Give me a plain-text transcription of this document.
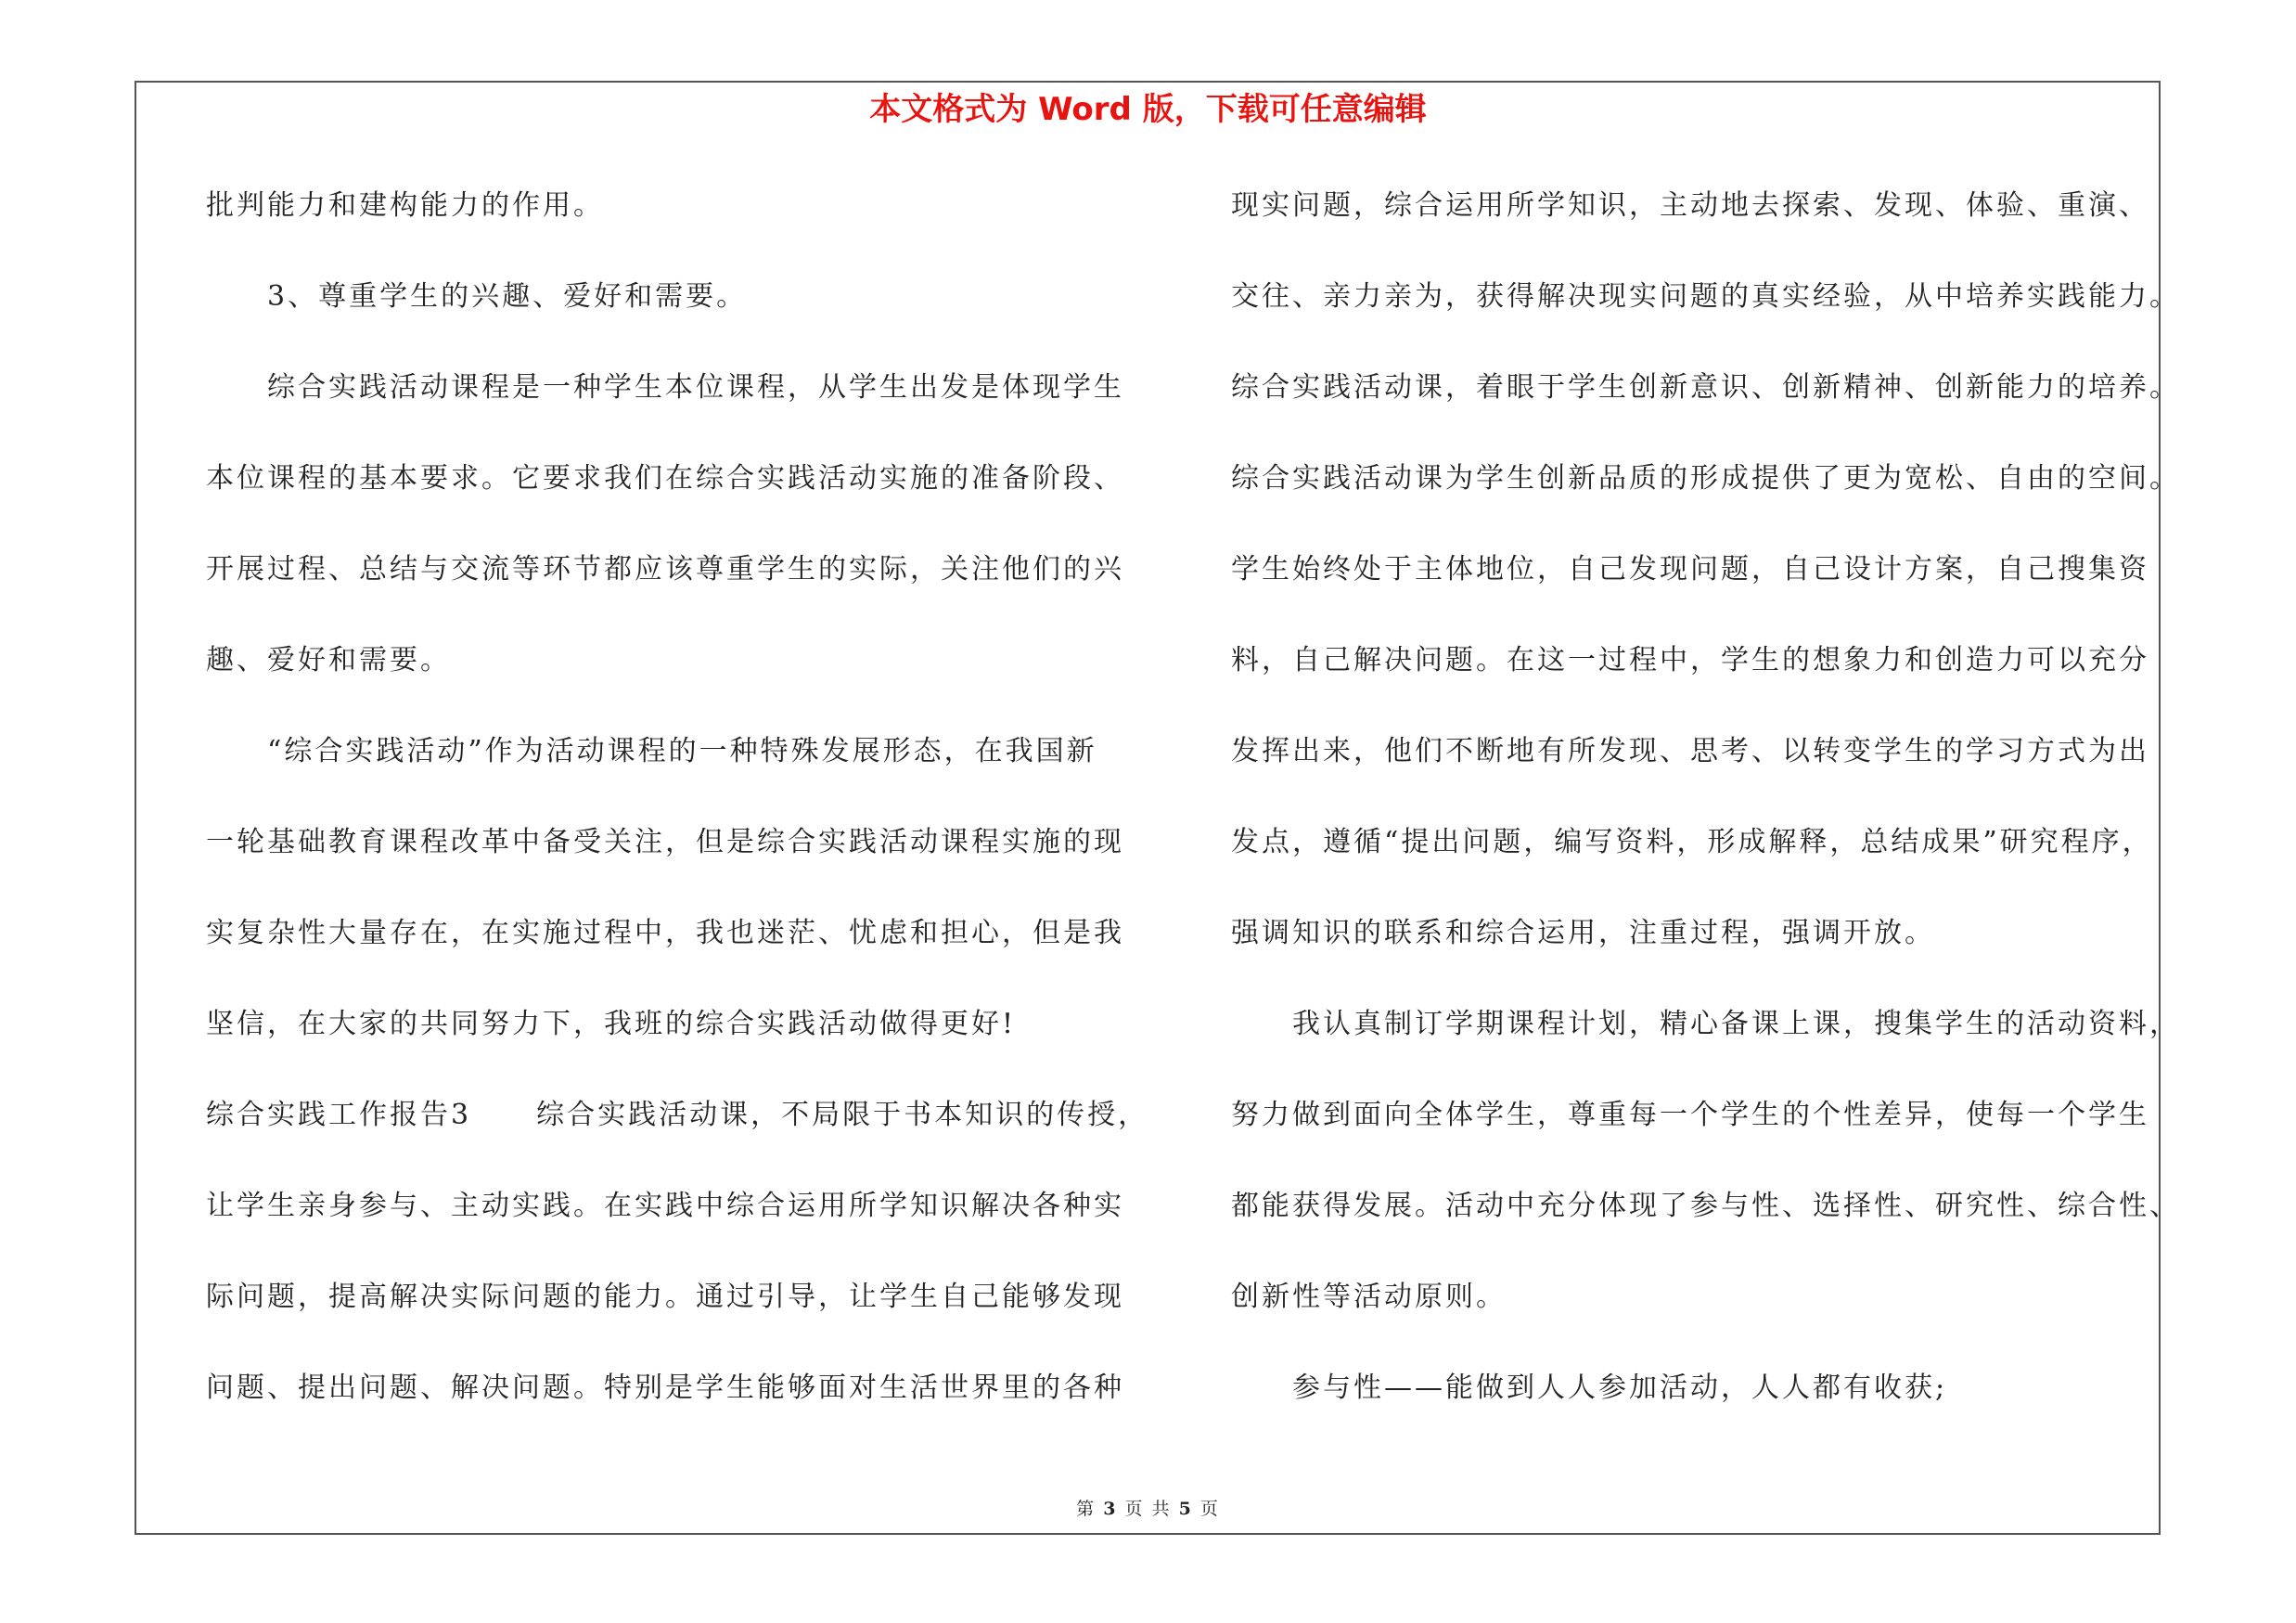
本文格式为 Word 版，下载可任意编辑
批判能力和建构能力的作用。
3、尊重学生的兴趣、爱好和需要。
综合实践活动课程是一种学生本位课程，从学生出发是体现学生
本位课程的基本要求。它要求我们在综合实践活动实施的准备阶段、
开展过程、总结与交流等环节都应该尊重学生的实际，关注他们的兴
趣、爱好和需要。
“综合实践活动”作为活动课程的一种特殊发展形态，在我国新
一轮基础教育课程改革中备受关注，但是综合实践活动课程实施的现
实复杂性大量存在，在实施过程中，我也迷茫、忧虑和担心，但是我
坚信，在大家的共同努力下，我班的综合实践活动做得更好!
综合实践工作报告3 综合实践活动课，不局限于书本知识的传授，
让学生亲身参与、主动实践。在实践中综合运用所学知识解决各种实
际问题，提高解决实际问题的能力。通过引导，让学生自己能够发现
问题、提出问题、解决问题。特别是学生能够面对生活世界里的各种
现实问题，综合运用所学知识，主动地去探索、发现、体验、重演、
交往、亲力亲为，获得解决现实问题的真实经验，从中培养实践能力。
综合实践活动课，着眼于学生创新意识、创新精神、创新能力的培养。
综合实践活动课为学生创新品质的形成提供了更为宽松、自由的空间。
学生始终处于主体地位，自己发现问题，自己设计方案，自己搜集资
料，自己解决问题。在这一过程中，学生的想象力和创造力可以充分
发挥出来，他们不断地有所发现、思考、以转变学生的学习方式为出
发点，遵循“提出问题，编写资料，形成解释，总结成果”研究程序，
强调知识的联系和综合运用，注重过程，强调开放。
我认真制订学期课程计划，精心备课上课，搜集学生的活动资料，
努力做到面向全体学生，尊重每一个学生的个性差异，使每一个学生
都能获得发展。活动中充分体现了参与性、选择性、研究性、综合性、
创新性等活动原则。
参与性——能做到人人参加活动，人人都有收获;
第 3 页 共 5 页
